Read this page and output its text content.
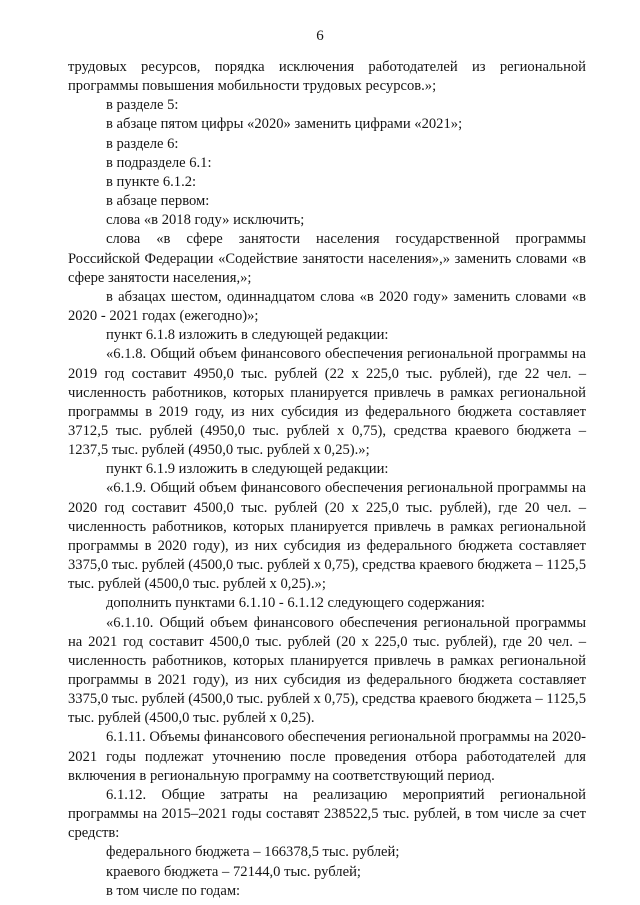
6

трудовых ресурсов, порядка исключения работодателей из региональной программы повышения мобильности трудовых ресурсов.»;

в разделе 5:

в абзаце пятом цифры «2020» заменить цифрами «2021»;

в разделе 6:

в подразделе 6.1:

в пункте 6.1.2:

в абзаце первом:

слова «в 2018 году» исключить;

слова «в сфере занятости населения государственной программы Российской Федерации «Содействие занятости населения»,» заменить словами «в сфере занятости населения,»;

в абзацах шестом, одиннадцатом слова «в 2020 году» заменить словами «в 2020 - 2021 годах (ежегодно)»;

пункт 6.1.8 изложить в следующей редакции:

«6.1.8. Общий объем финансового обеспечения региональной программы на 2019 год составит 4950,0 тыс. рублей (22 х 225,0 тыс. рублей), где 22 чел. – численность работников, которых планируется привлечь в рамках региональной программы в 2019 году, из них субсидия из федерального бюджета составляет 3712,5 тыс. рублей (4950,0 тыс. рублей х 0,75), средства краевого бюджета – 1237,5 тыс. рублей (4950,0 тыс. рублей х 0,25).»;

пункт 6.1.9 изложить в следующей редакции:

«6.1.9. Общий объем финансового обеспечения региональной программы на 2020 год составит 4500,0 тыс. рублей (20 х 225,0 тыс. рублей), где 20 чел. – численность работников, которых планируется привлечь в рамках региональной программы в 2020 году), из них субсидия из федерального бюджета составляет 3375,0 тыс. рублей (4500,0 тыс. рублей х 0,75), средства краевого бюджета – 1125,5 тыс. рублей (4500,0 тыс. рублей х 0,25).»;

дополнить пунктами 6.1.10 - 6.1.12 следующего содержания:

«6.1.10. Общий объем финансового обеспечения региональной программы на 2021 год составит 4500,0 тыс. рублей (20 х 225,0 тыс. рублей), где 20 чел. – численность работников, которых планируется привлечь в рамках региональной программы в 2021 году), из них субсидия из федерального бюджета составляет 3375,0 тыс. рублей (4500,0 тыс. рублей х 0,75), средства краевого бюджета – 1125,5 тыс. рублей (4500,0 тыс. рублей х 0,25).

6.1.11. Объемы финансового обеспечения региональной программы на 2020-2021 годы подлежат уточнению после проведения отбора работодателей для включения в региональную программу на соответствующий период.

6.1.12. Общие затраты на реализацию мероприятий региональной программы на 2015–2021 годы составят 238522,5 тыс. рублей, в том числе за счет средств:

федерального бюджета – 166378,5 тыс. рублей;

краевого бюджета – 72144,0 тыс. рублей;

в том числе по годам:
